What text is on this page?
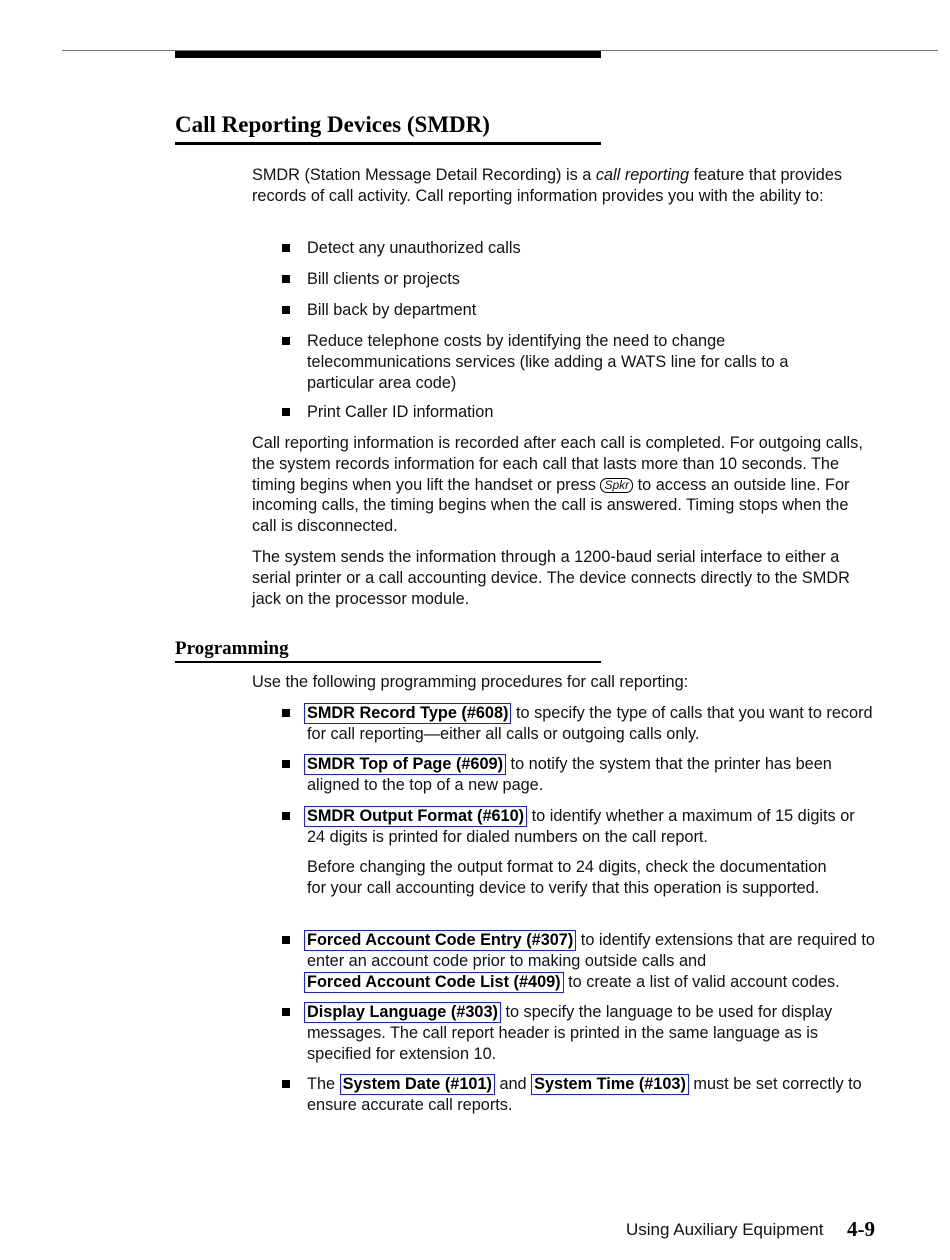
Call Reporting Devices (SMDR)

SMDR (Station Message Detail Recording) is a call reporting feature that provides records of call activity. Call reporting information provides you with the ability to:

Detect any unauthorized calls
Bill clients or projects
Bill back by department
Reduce telephone costs by identifying the need to change telecommunications services (like adding a WATS line for calls to a particular area code)
Print Caller ID information

Call reporting information is recorded after each call is completed. For outgoing calls, the system records information for each call that lasts more than 10 seconds. The timing begins when you lift the handset or press Spkr to access an outside line. For incoming calls, the timing begins when the call is answered. Timing stops when the call is disconnected.

The system sends the information through a 1200-baud serial interface to either a serial printer or a call accounting device. The device connects directly to the SMDR jack on the processor module.

Programming

Use the following programming procedures for call reporting:

SMDR Record Type (#608) to specify the type of calls that you want to record for call reporting—either all calls or outgoing calls only.
SMDR Top of Page (#609) to notify the system that the printer has been aligned to the top of a new page.
SMDR Output Format (#610) to identify whether a maximum of 15 digits or 24 digits is printed for dialed numbers on the call report.
Before changing the output format to 24 digits, check the documentation for your call accounting device to verify that this operation is supported.
Forced Account Code Entry (#307) to identify extensions that are required to enter an account code prior to making outside calls and Forced Account Code List (#409) to create a list of valid account codes.
Display Language (#303) to specify the language to be used for display messages. The call report header is printed in the same language as is specified for extension 10.
The System Date (#101) and System Time (#103) must be set correctly to ensure accurate call reports.
Using Auxiliary Equipment 4-9
